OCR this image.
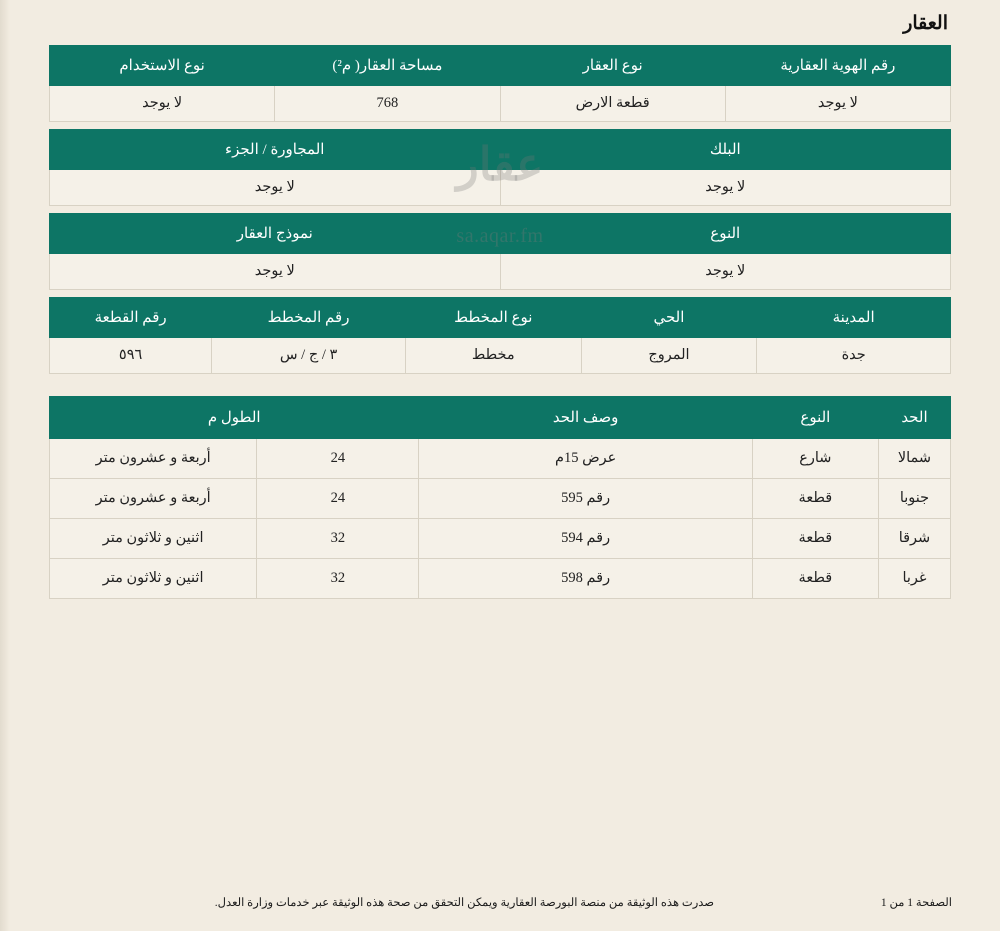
العقار
عقار
sa.aqar.fm
رقم الهوية العقارية	نوع العقار	مساحة العقار( م²)	نوع الاستخدام
لا يوجد	قطعة الارض	768	لا يوجد

البلك		المجاورة / الجزء	
لا يوجد		لا يوجد	

النوع		نموذج العقار	
لا يوجد		لا يوجد	
المدينة	الحي	نوع المخطط	رقم المخطط	رقم القطعة
جدة	المروج	مخطط	٣ / ج / س	٥٩٦
الحد	النوع	وصف الحد	الطول م	
شمالا	شارع	عرض 15م	24	أربعة و عشرون متر
جنوبا	قطعة	رقم 595	24	أربعة و عشرون متر
شرقا	قطعة	رقم 594	32	اثنين و ثلاثون متر
غربا	قطعة	رقم 598	32	اثنين و ثلاثون متر
صدرت هذه الوثيقة من منصة البورصة العقارية ويمكن التحقق من صحة هذه الوثيقة عبر خدمات وزارة العدل.	الصفحة 1 من 1
